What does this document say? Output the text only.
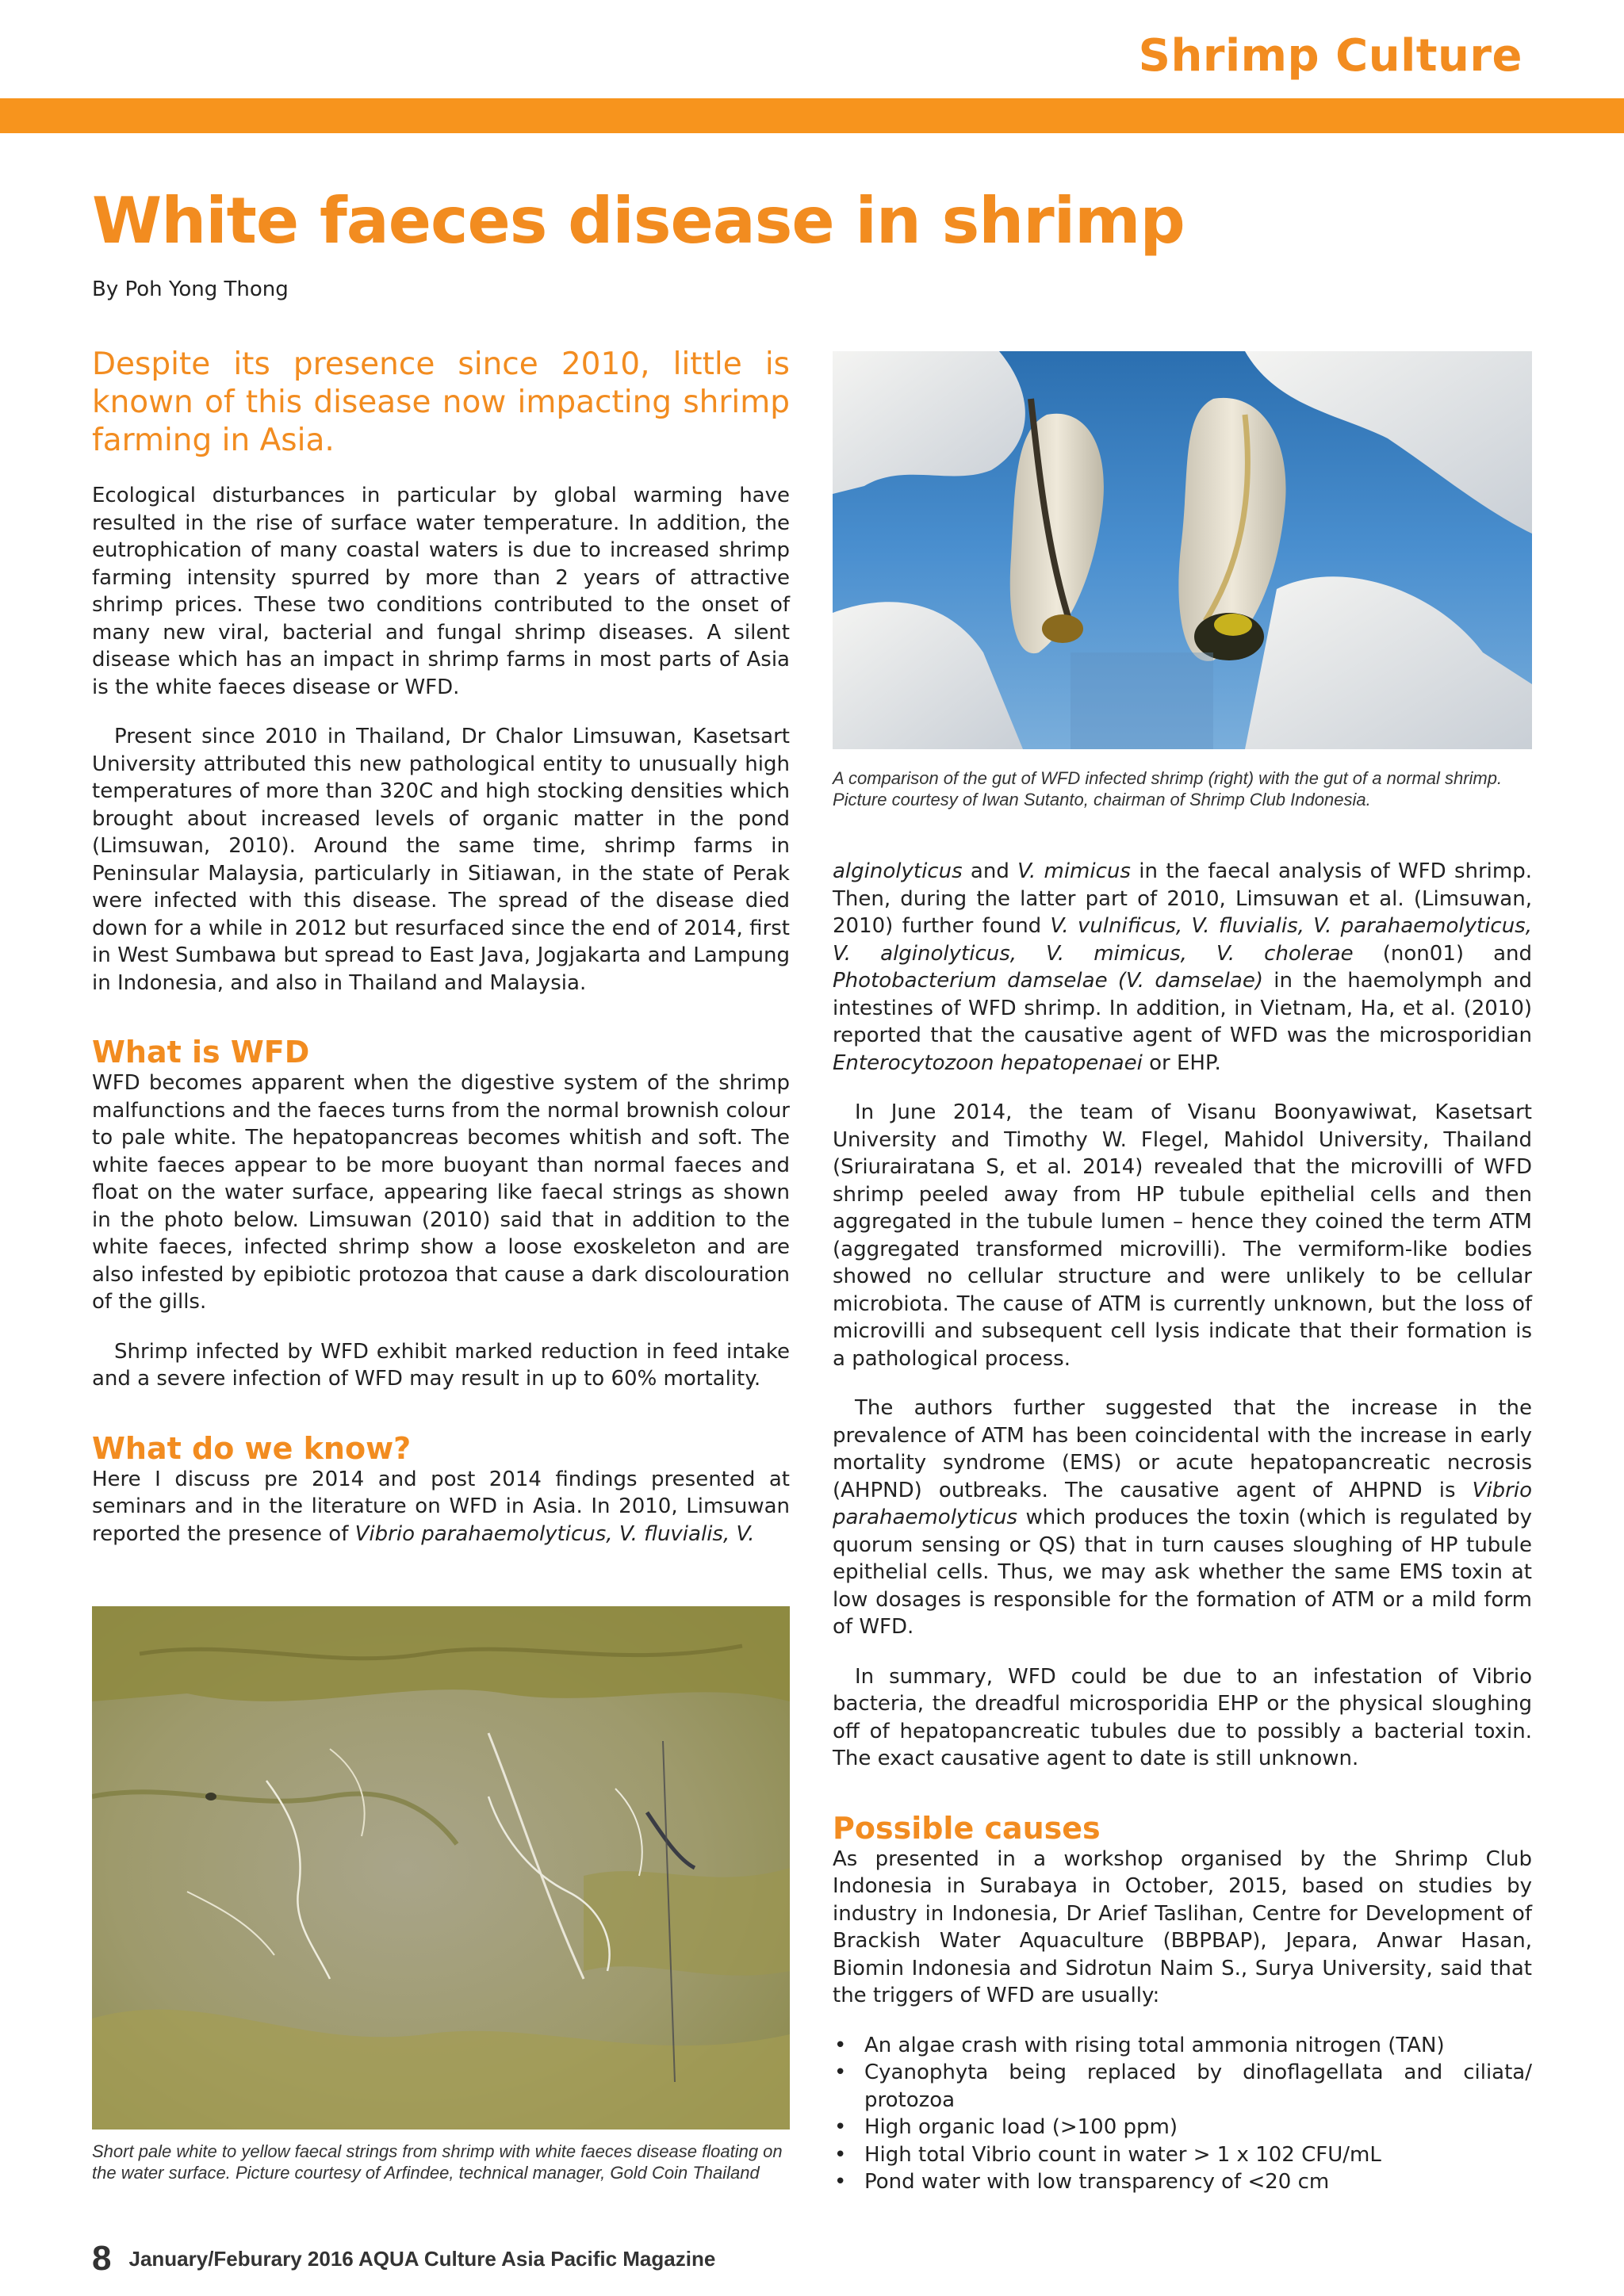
Shrimp Culture
White faeces disease in shrimp
By Poh Yong Thong

Despite its presence since 2010, little is known of this disease now impacting shrimp farming in Asia.

Ecological disturbances in particular by global warming have resulted in the rise of surface water temperature. In addition, the eutrophication of many coastal waters is due to increased shrimp farming intensity spurred by more than 2 years of attractive shrimp prices. These two conditions contributed to the onset of many new viral, bacterial and fungal shrimp diseases. A silent disease which has an impact in shrimp farms in most parts of Asia is the white faeces disease or WFD.

Present since 2010 in Thailand, Dr Chalor Limsuwan, Kasetsart University attributed this new pathological entity to unusually high temperatures of more than 320C and high stocking densities which brought about increased levels of organic matter in the pond (Limsuwan, 2010). Around the same time, shrimp farms in Peninsular Malaysia, particularly in Sitiawan, in the state of Perak were infected with this disease. The spread of the disease died down for a while in 2012 but resurfaced since the end of 2014, first in West Sumbawa but spread to East Java, Jogjakarta and Lampung in Indonesia, and also in Thailand and Malaysia.

What is WFD

WFD becomes apparent when the digestive system of the shrimp malfunctions and the faeces turns from the normal brownish colour to pale white. The hepatopancreas becomes whitish and soft. The white faeces appear to be more buoyant than normal faeces and float on the water surface, appearing like faecal strings as shown in the photo below. Limsuwan (2010) said that in addition to the white faeces, infected shrimp show a loose exoskeleton and are also infested by epibiotic protozoa that cause a dark discolouration of the gills.

Shrimp infected by WFD exhibit marked reduction in feed intake and a severe infection of WFD may result in up to 60% mortality.

What do we know?

Here I discuss pre 2014 and post 2014 findings presented at seminars and in the literature on WFD in Asia. In 2010, Limsuwan reported the presence of Vibrio parahaemolyticus, V. fluvialis, V.

A comparison of the gut of WFD infected shrimp (right) with the gut of a normal shrimp. Picture courtesy of Iwan Sutanto, chairman of Shrimp Club Indonesia.

alginolyticus and V. mimicus in the faecal analysis of WFD shrimp. Then, during the latter part of 2010, Limsuwan et al. (Limsuwan, 2010) further found V. vulnificus, V. fluvialis, V. parahaemolyticus, V. alginolyticus, V. mimicus, V. cholerae (non01) and Photobacterium damselae (V. damselae) in the haemolymph and intestines of WFD shrimp. In addition, in Vietnam, Ha, et al. (2010) reported that the causative agent of WFD was the microsporidian Enterocytozoon hepatopenaei or EHP.

In June 2014, the team of Visanu Boonyawiwat, Kasetsart University and Timothy W. Flegel, Mahidol University, Thailand (Sriurairatana S, et al. 2014) revealed that the microvilli of WFD shrimp peeled away from HP tubule epithelial cells and then aggregated in the tubule lumen – hence they coined the term ATM (aggregated transformed microvilli). The vermiform-like bodies showed no cellular structure and were unlikely to be cellular microbiota. The cause of ATM is currently unknown, but the loss of microvilli and subsequent cell lysis indicate that their formation is a pathological process.

The authors further suggested that the increase in the prevalence of ATM has been coincidental with the increase in early mortality syndrome (EMS) or acute hepatopancreatic necrosis (AHPND) outbreaks. The causative agent of AHPND is Vibrio parahaemolyticus which produces the toxin (which is regulated by quorum sensing or QS) that in turn causes sloughing of HP tubule epithelial cells. Thus, we may ask whether the same EMS toxin at low dosages is responsible for the formation of ATM or a mild form of WFD.

In summary, WFD could be due to an infestation of Vibrio bacteria, the dreadful microsporidia EHP or the physical sloughing off of hepatopancreatic tubules due to possibly a bacterial toxin. The exact causative agent to date is still unknown.

Possible causes

As presented in a workshop organised by the Shrimp Club Indonesia in Surabaya in October, 2015, based on studies by industry in Indonesia, Dr Arief Taslihan, Centre for Development of Brackish Water Aquaculture (BBPBAP), Jepara, Anwar Hasan, Biomin Indonesia and Sidrotun Naim S., Surya University, said that the triggers of WFD are usually:

• An algae crash with rising total ammonia nitrogen (TAN)
• Cyanophyta being replaced by dinoflagellata and ciliata/ protozoa
• High organic load (>100 ppm)
• High total Vibrio count in water > 1 x 102 CFU/mL
• Pond water with low transparency of <20 cm
Short pale white to yellow faecal strings from shrimp with white faeces disease floating on the water surface. Picture courtesy of Arfindee, technical manager, Gold Coin Thailand
8 January/Feburary 2016 AQUA Culture Asia Pacific Magazine
